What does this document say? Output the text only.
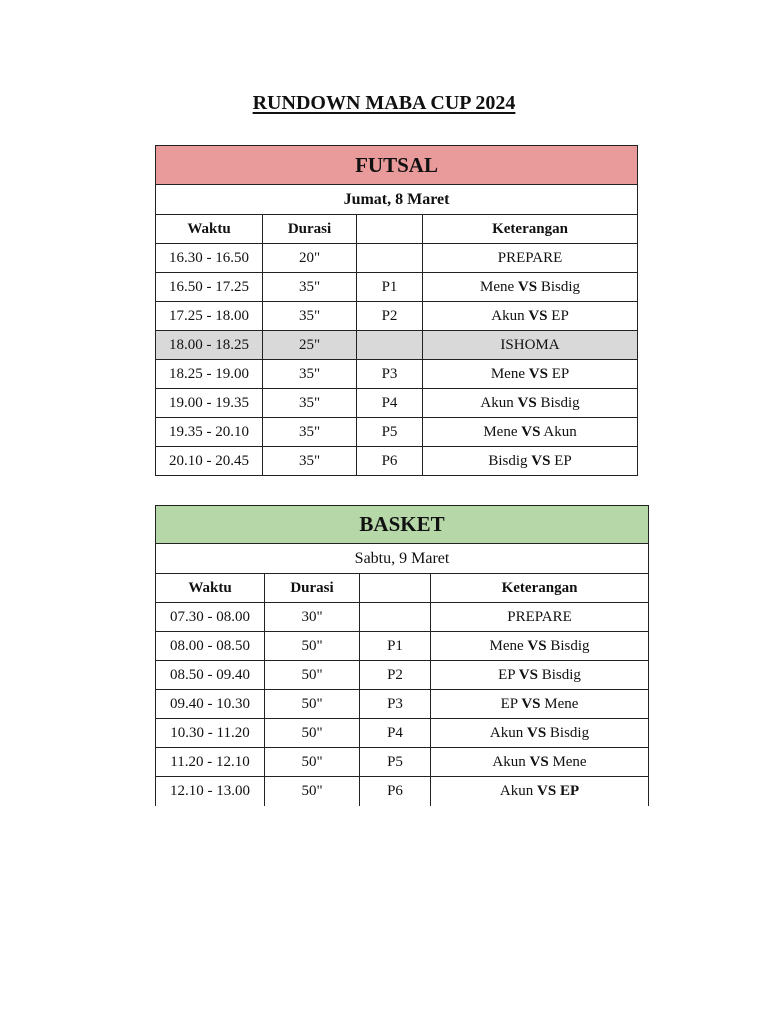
RUNDOWN MABA CUP 2024
FUTSAL			
Jumat, 8 Maret			
Waktu	Durasi		Keterangan
16.30 - 16.50	20"		PREPARE
16.50 - 17.25	35"	P1	Mene VS Bisdig
17.25 - 18.00	35"	P2	Akun VS EP
18.00 - 18.25	25"		ISHOMA
18.25 - 19.00	35"	P3	Mene VS EP
19.00 - 19.35	35"	P4	Akun VS Bisdig
19.35 - 20.10	35"	P5	Mene VS Akun
20.10 - 20.45	35"	P6	Bisdig VS EP
BASKET			
Sabtu, 9 Maret			
Waktu	Durasi		Keterangan
07.30 - 08.00	30"		PREPARE
08.00 - 08.50	50"	P1	Mene VS Bisdig
08.50 - 09.40	50"	P2	EP VS Bisdig
09.40 - 10.30	50"	P3	EP VS Mene
10.30 - 11.20	50"	P4	Akun VS Bisdig
11.20 - 12.10	50"	P5	Akun VS Mene
12.10 - 13.00	50"	P6	Akun VS EP
